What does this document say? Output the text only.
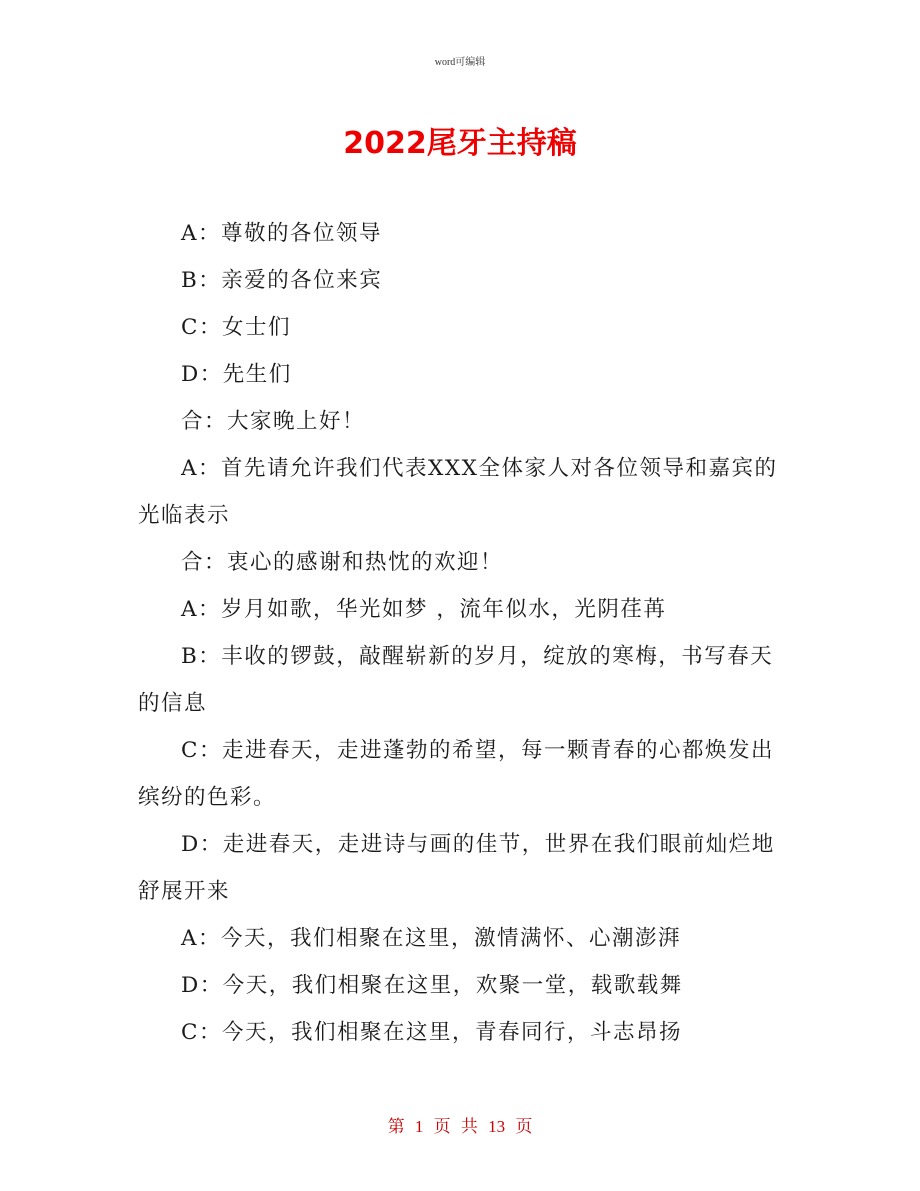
word可编辑
2022尾牙主持稿

A：尊敬的各位领导

B：亲爱的各位来宾

C：女士们

D：先生们

合：大家晚上好！

A：首先请允许我们代表XXX全体家人对各位领导和嘉宾的光临表示

合：衷心的感谢和热忱的欢迎！

A：岁月如歌，华光如梦 ，流年似水，光阴荏苒

B：丰收的锣鼓，敲醒崭新的岁月，绽放的寒梅，书写春天的信息

C：走进春天，走进蓬勃的希望，每一颗青春的心都焕发出缤纷的色彩。

D：走进春天，走进诗与画的佳节，世界在我们眼前灿烂地舒展开来

A：今天，我们相聚在这里，激情满怀、心潮澎湃

D：今天，我们相聚在这里，欢聚一堂，载歌载舞

C：今天，我们相聚在这里，青春同行，斗志昂扬

第 1 页 共 13 页
